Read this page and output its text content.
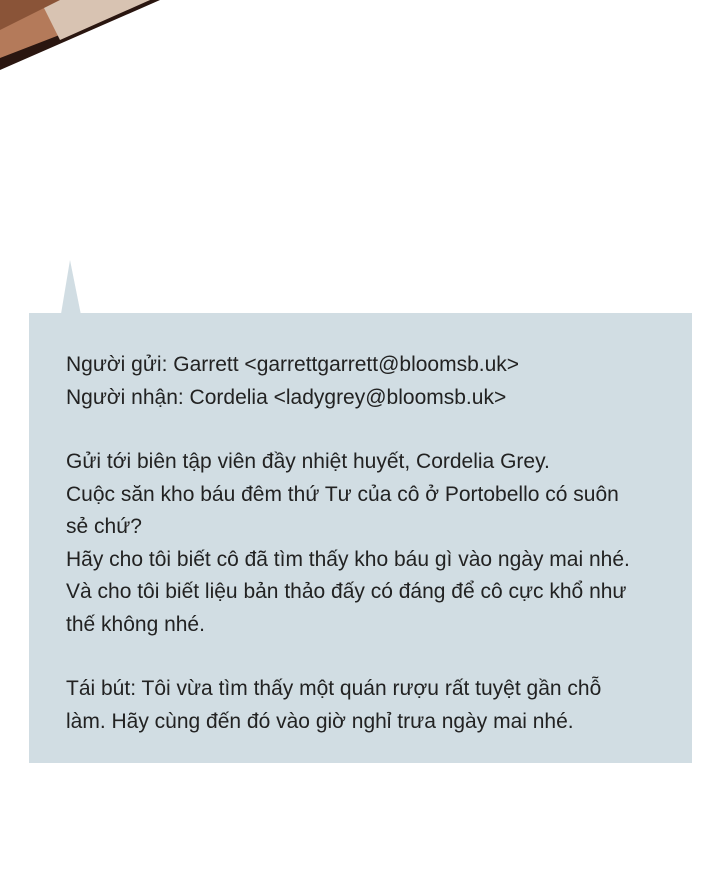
Người gửi: Garrett <garrettgarrett@bloomsb.uk>

Người nhận: Cordelia <ladygrey@bloomsb.uk>

Gửi tới biên tập viên đầy nhiệt huyết, Cordelia Grey.

Cuộc săn kho báu đêm thứ Tư của cô ở Portobello có suôn

sẻ chứ?

Hãy cho tôi biết cô đã tìm thấy kho báu gì vào ngày mai nhé.

Và cho tôi biết liệu bản thảo đấy có đáng để cô cực khổ như

thế không nhé.

Tái bút: Tôi vừa tìm thấy một quán rượu rất tuyệt gần chỗ

làm. Hãy cùng đến đó vào giờ nghỉ trưa ngày mai nhé.
